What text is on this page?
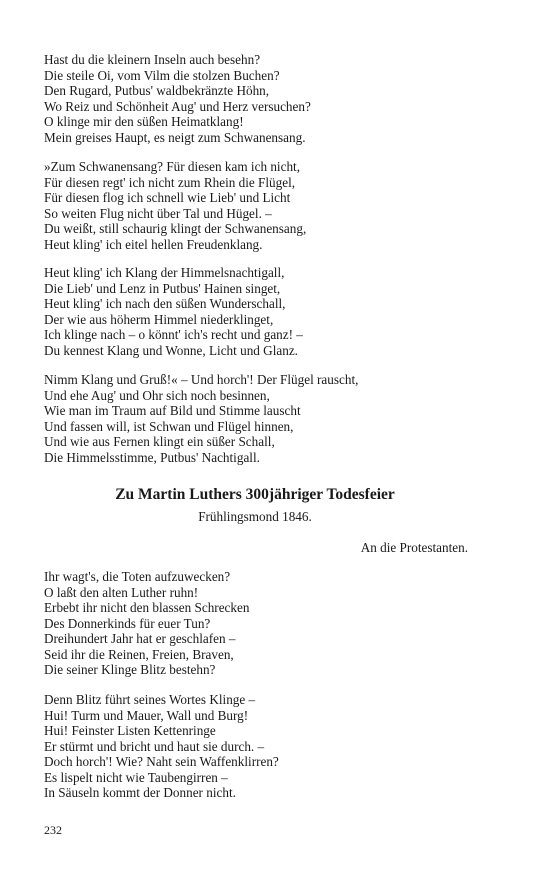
Hast du die kleinern Inseln auch besehn?
Die steile Oi, vom Vilm die stolzen Buchen?
Den Rugard, Putbus' waldbekränzte Höhn,
Wo Reiz und Schönheit Aug' und Herz versuchen?
O klinge mir den süßen Heimatklang!
Mein greises Haupt, es neigt zum Schwanensang.
»Zum Schwanensang? Für diesen kam ich nicht,
Für diesen regt' ich nicht zum Rhein die Flügel,
Für diesen flog ich schnell wie Lieb' und Licht
So weiten Flug nicht über Tal und Hügel. –
Du weißt, still schaurig klingt der Schwanensang,
Heut kling' ich eitel hellen Freudenklang.
Heut kling' ich Klang der Himmelsnachtigall,
Die Lieb' und Lenz in Putbus' Hainen singet,
Heut kling' ich nach den süßen Wunderschall,
Der wie aus höherm Himmel niederklinget,
Ich klinge nach – o könnt' ich's recht und ganz! –
Du kennest Klang und Wonne, Licht und Glanz.
Nimm Klang und Gruß!« – Und horch'! Der Flügel rauscht,
Und ehe Aug' und Ohr sich noch besinnen,
Wie man im Traum auf Bild und Stimme lauscht
Und fassen will, ist Schwan und Flügel hinnen,
Und wie aus Fernen klingt ein süßer Schall,
Die Himmelsstimme, Putbus' Nachtigall.
Zu Martin Luthers 300jähriger Todesfeier

Frühlingsmond 1846.

An die Protestanten.

Ihr wagt's, die Toten aufzuwecken?
O laßt den alten Luther ruhn!
Erbebt ihr nicht den blassen Schrecken
Des Donnerkinds für euer Tun?
Dreihundert Jahr hat er geschlafen –
Seid ihr die Reinen, Freien, Braven,
Die seiner Klinge Blitz bestehn?
Denn Blitz führt seines Wortes Klinge –
Hui! Turm und Mauer, Wall und Burg!
Hui! Feinster Listen Kettenringe
Er stürmt und bricht und haut sie durch. –
Doch horch'! Wie? Naht sein Waffenklirren?
Es lispelt nicht wie Taubengirren –
In Säuseln kommt der Donner nicht.
232
